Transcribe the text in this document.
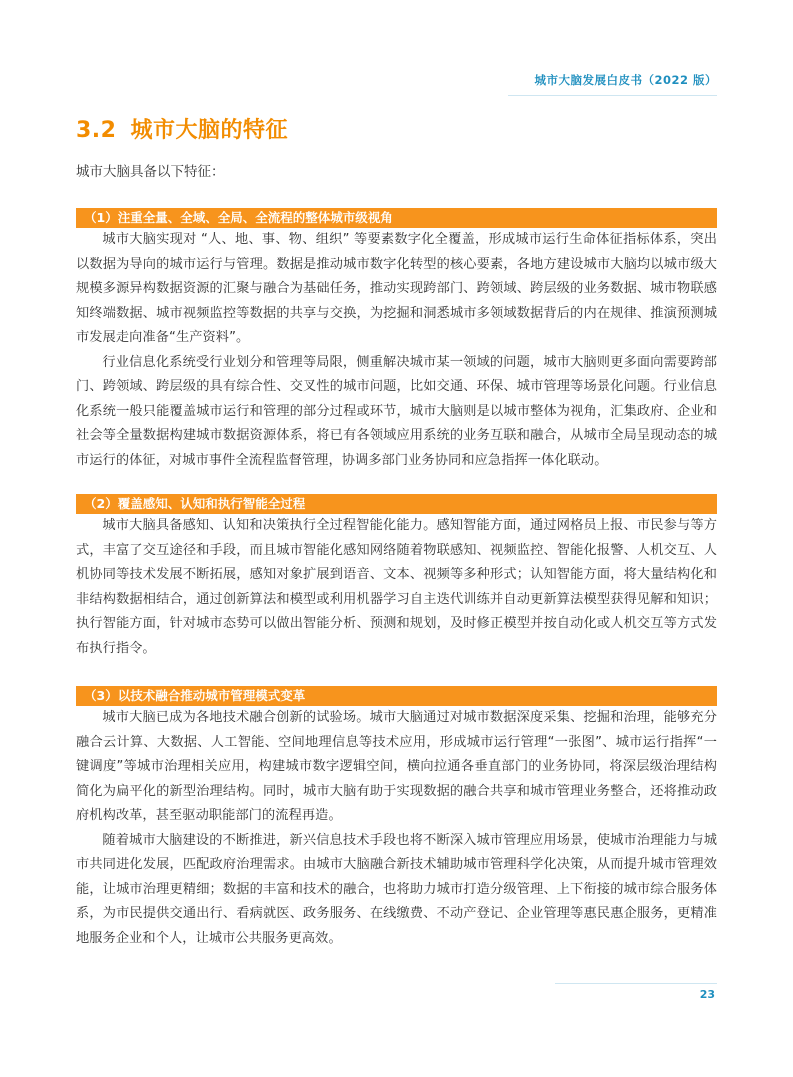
城市大脑发展白皮书（2022 版）
3.2 城市大脑的特征
城市大脑具备以下特征：
（1）注重全量、全域、全局、全流程的整体城市级视角

城市大脑实现对 “人、地、事、物、组织” 等要素数字化全覆盖，形成城市运行生命体征指标体系，突出以数据为导向的城市运行与管理。数据是推动城市数字化转型的核心要素，各地方建设城市大脑均以城市级大规模多源异构数据资源的汇聚与融合为基础任务，推动实现跨部门、跨领域、跨层级的业务数据、城市物联感知终端数据、城市视频监控等数据的共享与交换，为挖掘和洞悉城市多领域数据背后的内在规律、推演预测城市发展走向准备“生产资料”。

行业信息化系统受行业划分和管理等局限，侧重解决城市某一领域的问题，城市大脑则更多面向需要跨部门、跨领域、跨层级的具有综合性、交叉性的城市问题，比如交通、环保、城市管理等场景化问题。行业信息化系统一般只能覆盖城市运行和管理的部分过程或环节，城市大脑则是以城市整体为视角，汇集政府、企业和社会等全量数据构建城市数据资源体系，将已有各领域应用系统的业务互联和融合，从城市全局呈现动态的城市运行的体征，对城市事件全流程监督管理，协调多部门业务协同和应急指挥一体化联动。

（2）覆盖感知、认知和执行智能全过程

城市大脑具备感知、认知和决策执行全过程智能化能力。感知智能方面，通过网格员上报、市民参与等方式，丰富了交互途径和手段，而且城市智能化感知网络随着物联感知、视频监控、智能化报警、人机交互、人机协同等技术发展不断拓展，感知对象扩展到语音、文本、视频等多种形式；认知智能方面，将大量结构化和非结构数据相结合，通过创新算法和模型或利用机器学习自主迭代训练并自动更新算法模型获得见解和知识；执行智能方面，针对城市态势可以做出智能分析、预测和规划，及时修正模型并按自动化或人机交互等方式发布执行指令。

（3）以技术融合推动城市管理模式变革

城市大脑已成为各地技术融合创新的试验场。城市大脑通过对城市数据深度采集、挖掘和治理，能够充分融合云计算、大数据、人工智能、空间地理信息等技术应用，形成城市运行管理“一张图”、城市运行指挥“一键调度”等城市治理相关应用，构建城市数字逻辑空间，横向拉通各垂直部门的业务协同，将深层级治理结构简化为扁平化的新型治理结构。同时，城市大脑有助于实现数据的融合共享和城市管理业务整合，还将推动政府机构改革，甚至驱动职能部门的流程再造。

随着城市大脑建设的不断推进，新兴信息技术手段也将不断深入城市管理应用场景，使城市治理能力与城市共同进化发展，匹配政府治理需求。由城市大脑融合新技术辅助城市管理科学化决策，从而提升城市管理效能，让城市治理更精细；数据的丰富和技术的融合，也将助力城市打造分级管理、上下衔接的城市综合服务体系，为市民提供交通出行、看病就医、政务服务、在线缴费、不动产登记、企业管理等惠民惠企服务，更精准地服务企业和个人，让城市公共服务更高效。

23
